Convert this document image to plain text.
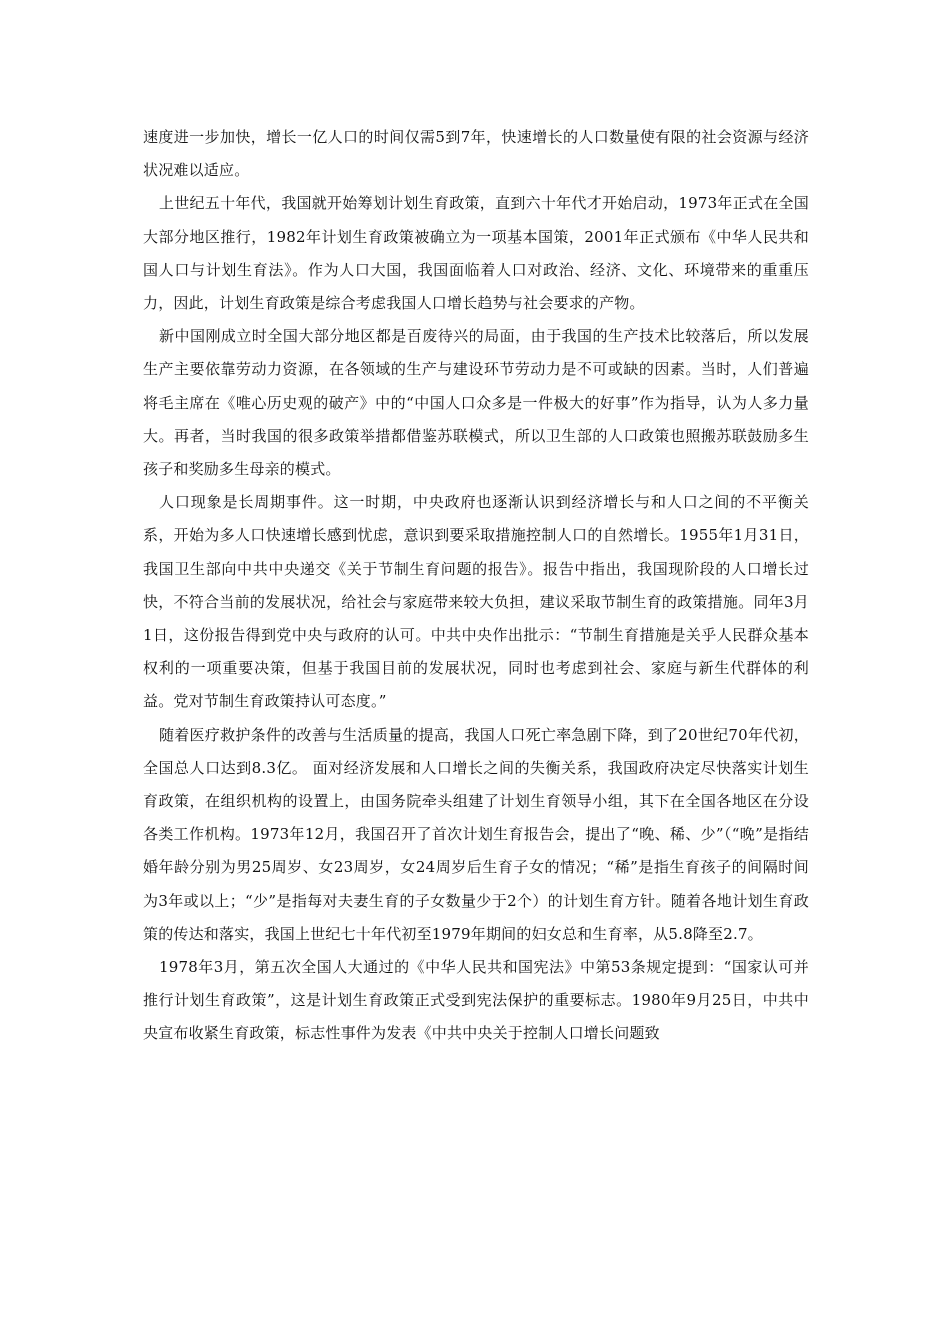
速度进一步加快，增长一亿人口的时间仅需5到7年，快速增长的人口数量使有限的社会资源与经济状况难以适应。

上世纪五十年代，我国就开始筹划计划生育政策，直到六十年代才开始启动，1973年正式在全国大部分地区推行，1982年计划生育政策被确立为一项基本国策，2001年正式颁布《中华人民共和国人口与计划生育法》。作为人口大国，我国面临着人口对政治、经济、文化、环境带来的重重压力，因此，计划生育政策是综合考虑我国人口增长趋势与社会要求的产物。

新中国刚成立时全国大部分地区都是百废待兴的局面，由于我国的生产技术比较落后，所以发展生产主要依靠劳动力资源，在各领域的生产与建设环节劳动力是不可或缺的因素。当时，人们普遍将毛主席在《唯心历史观的破产》中的“中国人口众多是一件极大的好事”作为指导，认为人多力量大。再者，当时我国的很多政策举措都借鉴苏联模式，所以卫生部的人口政策也照搬苏联鼓励多生孩子和奖励多生母亲的模式。

人口现象是长周期事件。这一时期，中央政府也逐渐认识到经济增长与和人口之间的不平衡关系，开始为多人口快速增长感到忧虑，意识到要采取措施控制人口的自然增长。1955年1月31日，我国卫生部向中共中央递交《关于节制生育问题的报告》。报告中指出，我国现阶段的人口增长过快，不符合当前的发展状况，给社会与家庭带来较大负担，建议采取节制生育的政策措施。同年3月1日，这份报告得到党中央与政府的认可。中共中央作出批示：“节制生育措施是关乎人民群众基本权利的一项重要决策，但基于我国目前的发展状况，同时也考虑到社会、家庭与新生代群体的利益。党对节制生育政策持认可态度。”

随着医疗救护条件的改善与生活质量的提高，我国人口死亡率急剧下降，到了20世纪70年代初，全国总人口达到8.3亿。 面对经济发展和人口增长之间的失衡关系，我国政府决定尽快落实计划生育政策，在组织机构的设置上，由国务院牵头组建了计划生育领导小组，其下在全国各地区在分设各类工作机构。1973年12月，我国召开了首次计划生育报告会，提出了“晚、稀、少”（“晚”是指结婚年龄分别为男25周岁、女23周岁，女24周岁后生育子女的情况；“稀”是指生育孩子的间隔时间为3年或以上；“少”是指每对夫妻生育的子女数量少于2个）的计划生育方针。随着各地计划生育政策的传达和落实，我国上世纪七十年代初至1979年期间的妇女总和生育率，从5.8降至2.7。

1978年3月，第五次全国人大通过的《中华人民共和国宪法》中第53条规定提到：“国家认可并推行计划生育政策”，这是计划生育政策正式受到宪法保护的重要标志。1980年9月25日，中共中央宣布收紧生育政策，标志性事件为发表《中共中央关于控制人口增长问题致
